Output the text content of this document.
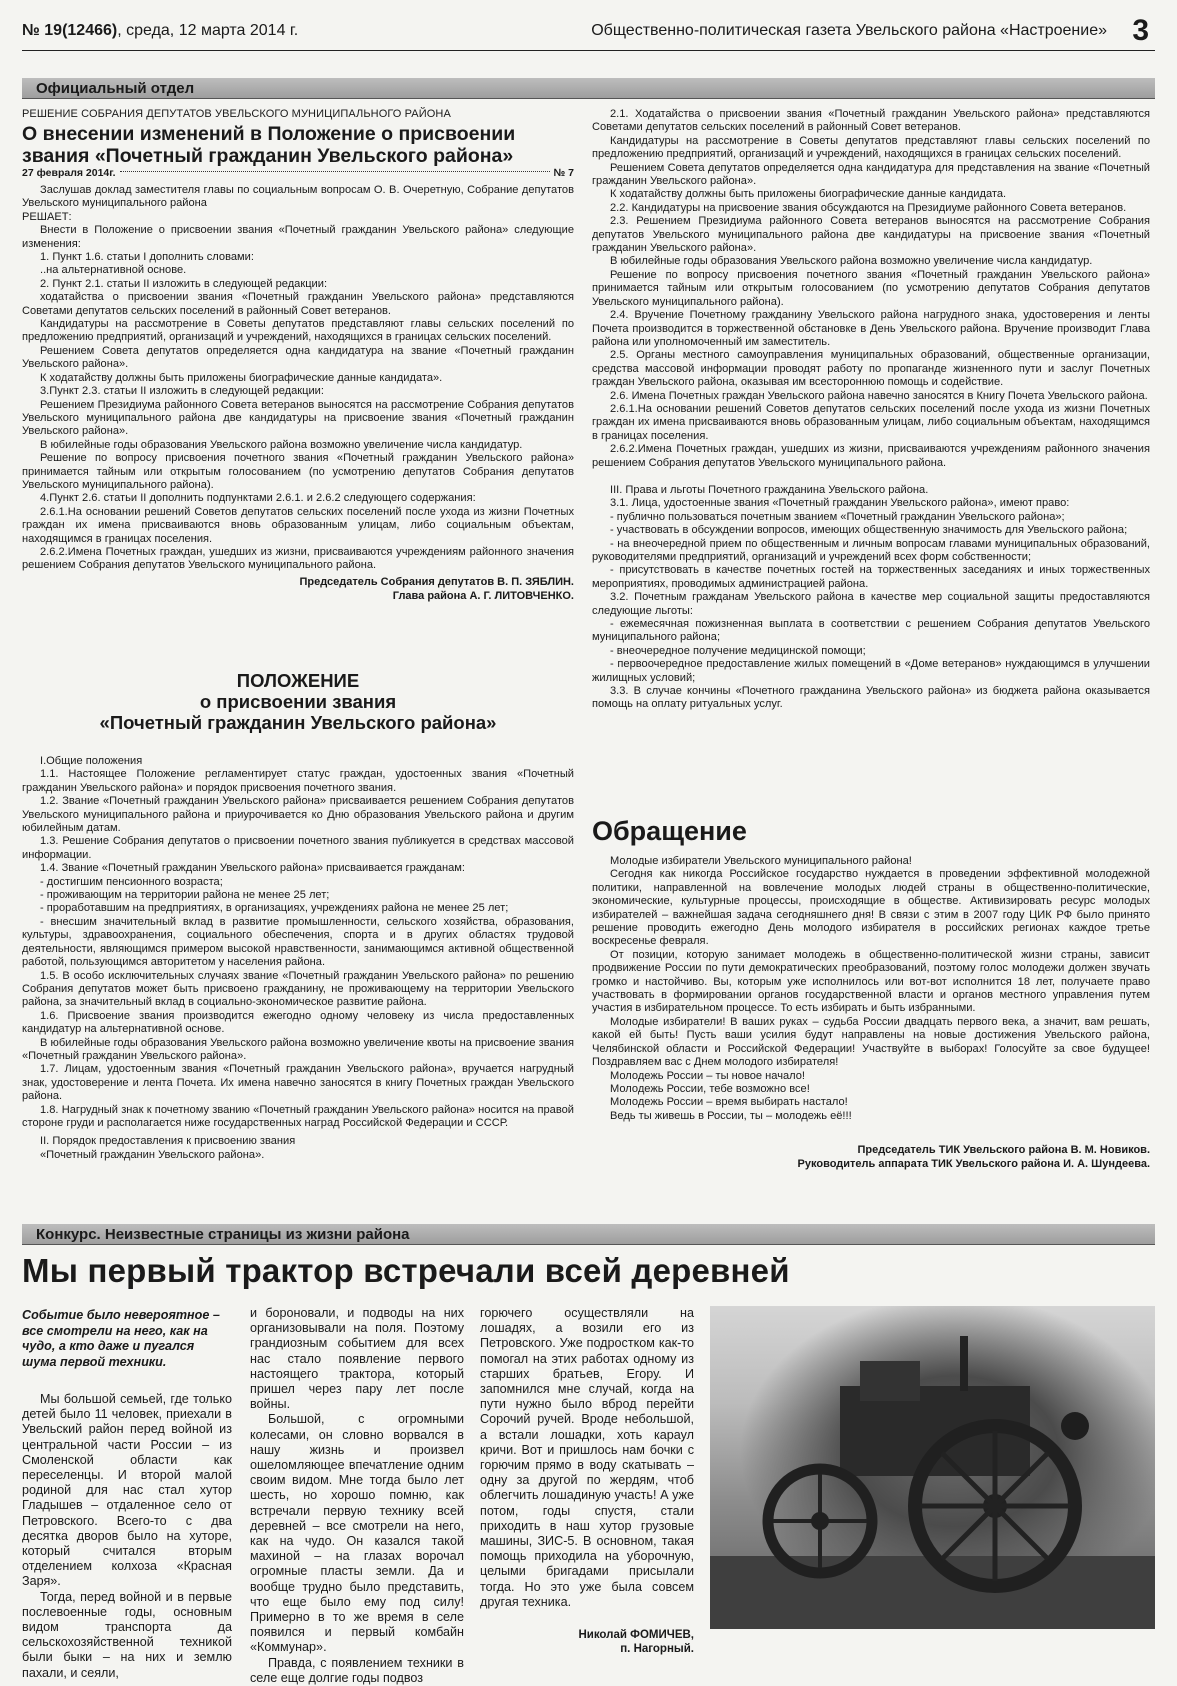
№ 19(12466), среда, 12 марта 2014 г.	Общественно-политическая газета Увельского района «Настроение» 3
Официальный отдел
РЕШЕНИЕ СОБРАНИЯ ДЕПУТАТОВ УВЕЛЬСКОГО МУНИЦИПАЛЬНОГО РАЙОНА
О внесении изменений в Положение о присвоении
звания «Почетный гражданин Увельского района»
27 февраля 2014г.	№ 7

Заслушав доклад заместителя главы по социальным вопросам О. В. Очеретную, Собрание депутатов Увельского муниципального района

РЕШАЕТ:

Внести в Положение о присвоении звания «Почетный гражданин Увельского района» следующие изменения:

1. Пункт 1.6. статьи I дополнить словами:

..на альтернативной основе.

2. Пункт 2.1. статьи II изложить в следующей редакции:

ходатайства о присвоении звания «Почетный гражданин Увельского района» представляются Советами депутатов сельских поселений в районный Совет ветеранов.

Кандидатуры на рассмотрение в Советы депутатов представляют главы сельских поселений по предложению предприятий, организаций и учреждений, находящихся в границах сельских поселений.

Решением Совета депутатов определяется одна кандидатура на звание «Почетный гражданин Увельского района».

К ходатайству должны быть приложены биографические данные кандидата».

3.Пункт 2.3. статьи II изложить в следующей редакции:

Решением Президиума районного Совета ветеранов выносятся на рассмотрение Собрания депутатов Увельского муниципального района две кандидатуры на присвоение звания «Почетный гражданин Увельского района».

В юбилейные годы образования Увельского района возможно увеличение числа кандидатур.

Решение по вопросу присвоения почетного звания «Почетный гражданин Увельского района» принимается тайным или открытым голосованием (по усмотрению депутатов Собрания депутатов Увельского муниципального района).

4.Пункт 2.6. статьи II дополнить подпунктами 2.6.1. и 2.6.2 следующего содержания:

2.6.1.На основании решений Советов депутатов сельских поселений после ухода из жизни Почетных граждан их имена присваиваются вновь образованным улицам, либо социальным объектам, находящимся в границах поселения.

2.6.2.Имена Почетных граждан, ушедших из жизни, присваиваются учреждениям районного значения решением Собрания депутатов Увельского муниципального района.

Председатель Собрания депутатов В. П. ЗЯБЛИН.
Глава района А. Г. ЛИТОВЧЕНКО.
ПОЛОЖЕНИЕ
о присвоении звания
«Почетный гражданин Увельского района»

I.Общие положения

1.1. Настоящее Положение регламентирует статус граждан, удостоенных звания «Почетный гражданин Увельского района» и порядок присвоения почетного звания.

1.2. Звание «Почетный гражданин Увельского района» присваивается решением Собрания депутатов Увельского муниципального района и приурочивается ко Дню образования Увельского района и другим юбилейным датам.

1.3. Решение Собрания депутатов о присвоении почетного звания публикуется в средствах массовой информации.

1.4. Звание «Почетный гражданин Увельского района» присваивается гражданам:

- достигшим пенсионного возраста;

- проживающим на территории района не менее 25 лет;

- проработавшим на предприятиях, в организациях, учреждениях района не менее 25 лет;

- внесшим значительный вклад в развитие промышленности, сельского хозяйства, образования, культуры, здравоохранения, социального обеспечения, спорта и в других областях трудовой деятельности, являющимся примером высокой нравственности, занимающимся активной общественной работой, пользующимся авторитетом у населения района.

1.5. В особо исключительных случаях звание «Почетный гражданин Увельского района» по решению Собрания депутатов может быть присвоено гражданину, не проживающему на территории Увельского района, за значительный вклад в социально-экономическое развитие района.

1.6. Присвоение звания производится ежегодно одному человеку из числа предоставленных кандидатур на альтернативной основе.

В юбилейные годы образования Увельского района возможно увеличение квоты на присвоение звания «Почетный гражданин Увельского района».

1.7. Лицам, удостоенным звания «Почетный гражданин Увельского района», вручается нагрудный знак, удостоверение и лента Почета. Их имена навечно заносятся в книгу Почетных граждан Увельского района.

1.8. Нагрудный знак к почетному званию «Почетный гражданин Увельского района» носится на правой стороне груди и располагается ниже государственных наград Российской Федерации и СССР.

II. Порядок предоставления к присвоению звания

«Почетный гражданин Увельского района».

2.1. Ходатайства о присвоении звания «Почетный гражданин Увельского района» представляются Советами депутатов сельских поселений в районный Совет ветеранов.

Кандидатуры на рассмотрение в Советы депутатов представляют главы сельских поселений по предложению предприятий, организаций и учреждений, находящихся в границах сельских поселений.

Решением Совета депутатов определяется одна кандидатура для представления на звание «Почетный гражданин Увельского района».

К ходатайству должны быть приложены биографические данные кандидата.

2.2. Кандидатуры на присвоение звания обсуждаются на Президиуме районного Совета ветеранов.

2.3. Решением Президиума районного Совета ветеранов выносятся на рассмотрение Собрания депутатов Увельского муниципального района две кандидатуры на присвоение звания «Почетный гражданин Увельского района».

В юбилейные годы образования Увельского района возможно увеличение числа кандидатур.

Решение по вопросу присвоения почетного звания «Почетный гражданин Увельского района» принимается тайным или открытым голосованием (по усмотрению депутатов Собрания депутатов Увельского муниципального района).

2.4. Вручение Почетному гражданину Увельского района нагрудного знака, удостоверения и ленты Почета производится в торжественной обстановке в День Увельского района. Вручение производит Глава района или уполномоченный им заместитель.

2.5. Органы местного самоуправления муниципальных образований, общественные организации, средства массовой информации проводят работу по пропаганде жизненного пути и заслуг Почетных граждан Увельского района, оказывая им всестороннюю помощь и содействие.

2.6. Имена Почетных граждан Увельского района навечно заносятся в Книгу Почета Увельского района.

2.6.1.На основании решений Советов депутатов сельских поселений после ухода из жизни Почетных граждан их имена присваиваются вновь образованным улицам, либо социальным объектам, находящимся в границах поселения.

2.6.2.Имена Почетных граждан, ушедших из жизни, присваиваются учреждениям районного значения решением Собрания депутатов Увельского муниципального района.

III. Права и льготы Почетного гражданина Увельского района.

3.1. Лица, удостоенные звания «Почетный гражданин Увельского района», имеют право:

- публично пользоваться почетным званием «Почетный гражданин Увельского района»;

- участвовать в обсуждении вопросов, имеющих общественную значимость для Увельского района;

- на внеочередной прием по общественным и личным вопросам главами муниципальных образований, руководителями предприятий, организаций и учреждений всех форм собственности;

- присутствовать в качестве почетных гостей на торжественных заседаниях и иных торжественных мероприятиях, проводимых администрацией района.

3.2. Почетным гражданам Увельского района в качестве мер социальной защиты предоставляются следующие льготы:

- ежемесячная пожизненная выплата в соответствии с решением Собрания депутатов Увельского муниципального района;

- внеочередное получение медицинской помощи;

- первоочередное предоставление жилых помещений в «Доме ветеранов» нуждающимся в улучшении жилищных условий;

3.3. В случае кончины «Почетного гражданина Увельского района» из бюджета района оказывается помощь на оплату ритуальных услуг.

Обращение

Молодые избиратели Увельского муниципального района!

Сегодня как никогда Российское государство нуждается в проведении эффективной молодежной политики, направленной на вовлечение молодых людей страны в общественно-политические, экономические, культурные процессы, происходящие в обществе. Активизировать ресурс молодых избирателей – важнейшая задача сегодняшнего дня! В связи с этим в 2007 году ЦИК РФ было принято решение проводить ежегодно День молодого избирателя в российских регионах каждое третье воскресенье февраля.

От позиции, которую занимает молодежь в общественно-политической жизни страны, зависит продвижение России по пути демократических преобразований, поэтому голос молодежи должен звучать громко и настойчиво. Вы, которым уже исполнилось или вот-вот исполнится 18 лет, получаете право участвовать в формировании органов государственной власти и органов местного управления путем участия в избирательном процессе. То есть избирать и быть избранными.

Молодые избиратели! В ваших руках – судьба России двадцать первого века, а значит, вам решать, какой ей быть! Пусть ваши усилия будут направлены на новые достижения Увельского района, Челябинской области и Российской Федерации! Участвуйте в выборах! Голосуйте за свое будущее! Поздравляем вас с Днем молодого избирателя!

Молодежь России – ты новое начало!

Молодежь России, тебе возможно все!

Молодежь России – время выбирать настало!

Ведь ты живешь в России, ты – молодежь eё!!!

Председатель ТИК Увельского района В. М. Новиков.
Руководитель аппарата ТИК Увельского района И. А. Шундеева.
Конкурс. Неизвестные страницы из жизни района
Мы первый трактор встречали всей деревней
Событие было невероятное – все смотрели на него, как на чудо, а кто даже и пугался шума первой техники.

Мы большой семьей, где только детей было 11 человек, приехали в Увельский район перед войной из центральной части России – из Смоленской области как переселенцы. И второй малой родиной для нас стал хутор Гладышев – отдаленное село от Петровского. Всего-то с два десятка дворов было на хуторе, который считался вторым отделением колхоза «Красная Заря».

Тогда, перед войной и в первые послевоенные годы, основным видом транспорта да сельскохозяйственной техникой были быки – на них и землю пахали, и сеяли,

и бороновали, и подводы на них организовывали на поля. Поэтому грандиозным событием для всех нас стало появление первого настоящего трактора, который пришел через пару лет после войны.

Большой, с огромными колесами, он словно ворвался в нашу жизнь и произвел ошеломляющее впечатление одним своим видом. Мне тогда было лет шесть, но хорошо помню, как встречали первую технику всей деревней – все смотрели на него, как на чудо. Он казался такой махиной – на глазах ворочал огромные пласты земли. Да и вообще трудно было представить, что еще было ему под силу! Примерно в то же время в селе появился и первый комбайн «Коммунар».

Правда, с появлением техники в селе еще долгие годы подвоз

горючего осуществляли на лошадях, а возили его из Петровского. Уже подростком как-то помогал на этих работах одному из старших братьев, Егору. И запомнился мне случай, когда на пути нужно было вброд перейти Сорочий ручей. Вроде небольшой, а встали лошадки, хоть караул кричи. Вот и пришлось нам бочки с горючим прямо в воду скатывать – одну за другой по жердям, чтоб облегчить лошадиную участь! А уже потом, годы спустя, стали приходить в наш хутор грузовые машины, ЗИС-5. В основном, такая помощь приходила на уборочную, целыми бригадами присылали тогда. Но это уже была совсем другая техника.

Николай ФОМИЧЕВ,
п. Нагорный.
